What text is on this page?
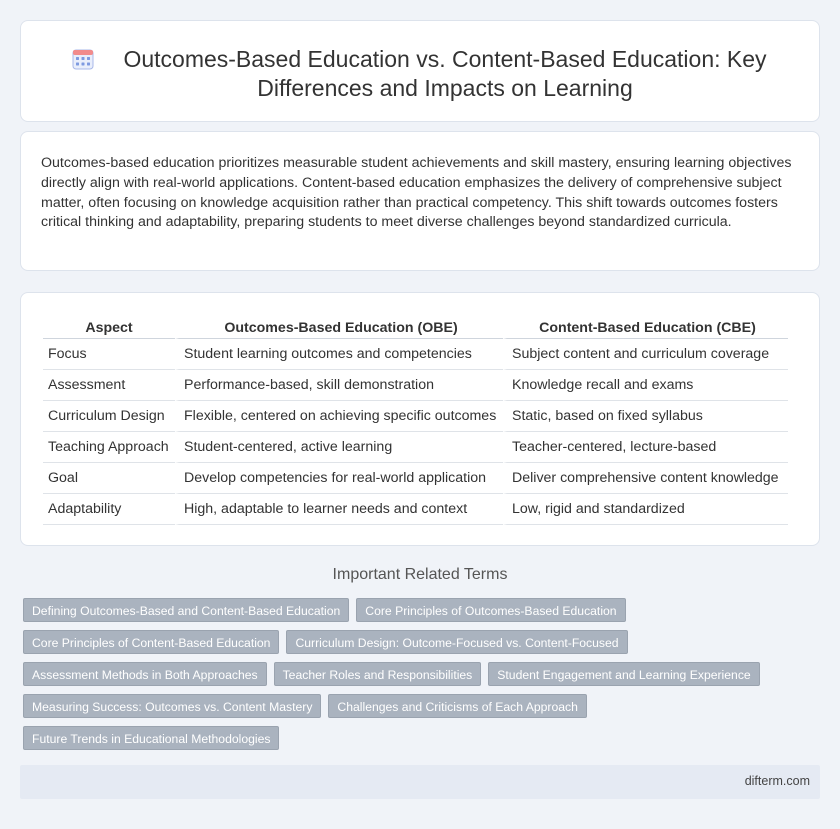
Outcomes-Based Education vs. Content-Based Education: Key Differences and Impacts on Learning

Outcomes-based education prioritizes measurable student achievements and skill mastery, ensuring learning objectives directly align with real-world applications. Content-based education emphasizes the delivery of comprehensive subject matter, often focusing on knowledge acquisition rather than practical competency. This shift towards outcomes fosters critical thinking and adaptability, preparing students to meet diverse challenges beyond standardized curricula.

Aspect	Outcomes-Based Education (OBE)	Content-Based Education (CBE)
Focus	Student learning outcomes and competencies	Subject content and curriculum coverage
Assessment	Performance-based, skill demonstration	Knowledge recall and exams
Curriculum Design	Flexible, centered on achieving specific outcomes	Static, based on fixed syllabus
Teaching Approach	Student-centered, active learning	Teacher-centered, lecture-based
Goal	Develop competencies for real-world application	Deliver comprehensive content knowledge
Adaptability	High, adaptable to learner needs and context	Low, rigid and standardized
Important Related Terms
Defining Outcomes-Based and Content-Based Education	Core Principles of Outcomes-Based Education
Core Principles of Content-Based Education	Curriculum Design: Outcome-Focused vs. Content-Focused
Assessment Methods in Both Approaches	Teacher Roles and Responsibilities	Student Engagement and Learning Experience
Measuring Success: Outcomes vs. Content Mastery	Challenges and Criticisms of Each Approach
Future Trends in Educational Methodologies
difterm.com
